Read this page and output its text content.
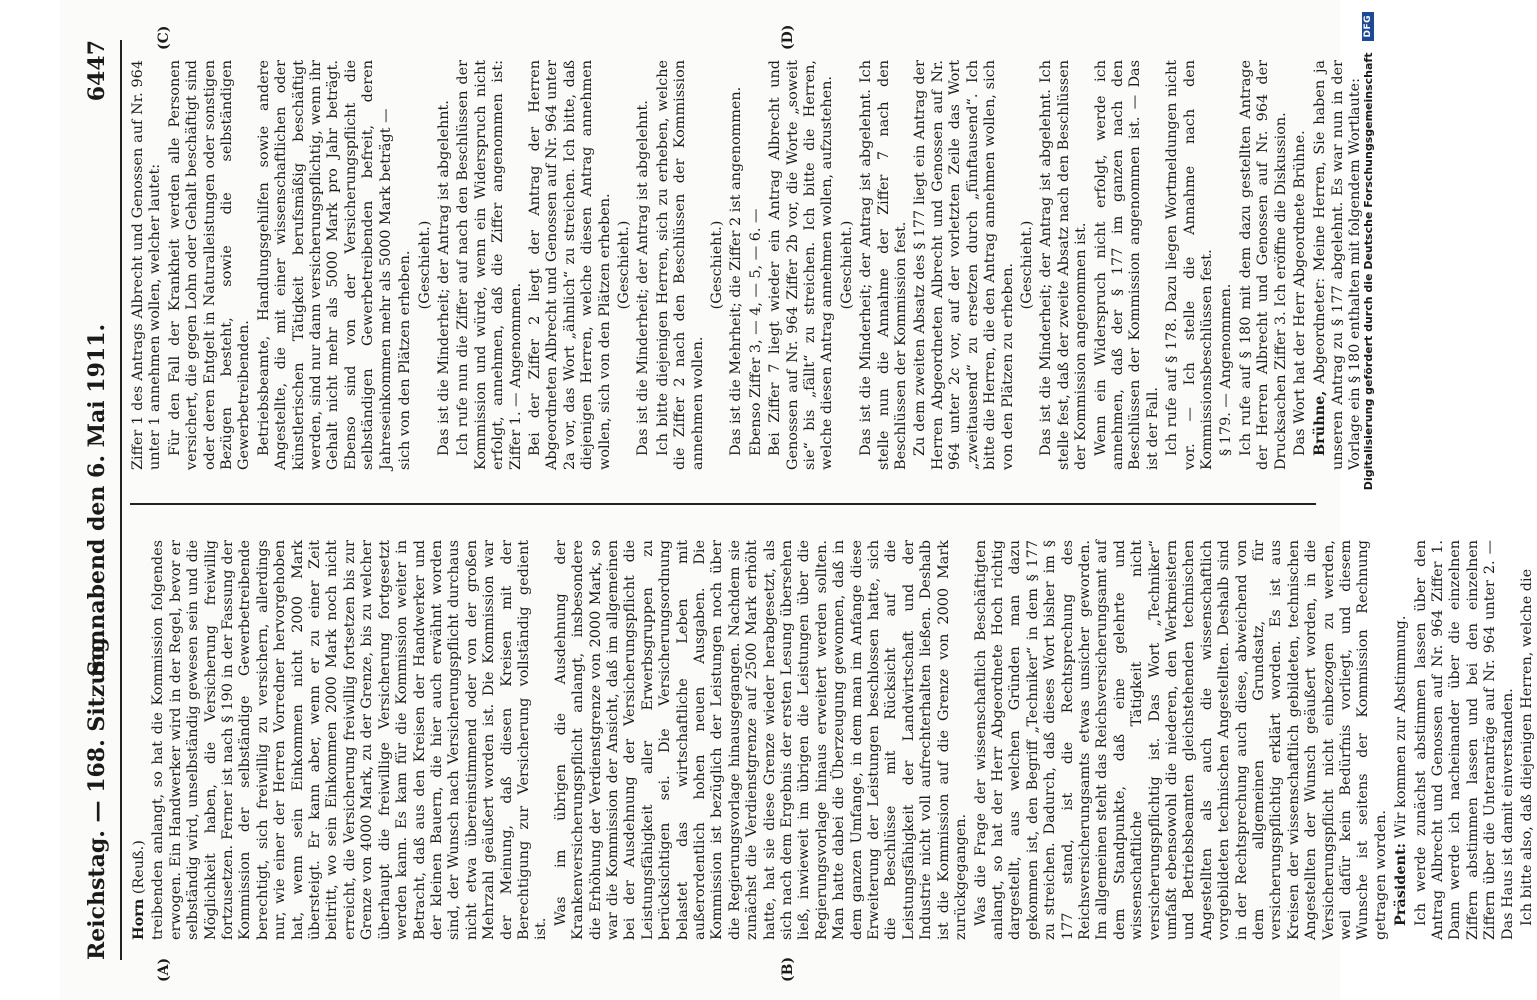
Reichstag. — 168. Sitzung.
Sonnabend den 6. Mai 1911.
6447
(A)	(B)
(C)	(D)

Horn (Reuß.) treibenden anlangt, so hat die Kommission folgendes erwogen. Ein Handwerker wird in der Regel, bevor er selbständig wird, unselbständig gewesen sein und die Möglichkeit haben, die Versicherung freiwillig fortzusetzen. Ferner ist nach § 190 in der Fassung der Kommission der selbständige Gewerbetreibende berechtigt, sich freiwillig zu versichern, allerdings nur, wie einer der Herren Vorredner hervorgehoben hat, wenn sein Einkommen nicht 2000 Mark übersteigt. Er kann aber, wenn er zu einer Zeit beitritt, wo sein Einkommen 2000 Mark noch nicht erreicht, die Versicherung freiwillig fortsetzen bis zur Grenze von 4000 Mark, zu der Grenze, bis zu welcher überhaupt die freiwillige Versicherung fortgesetzt werden kann. Es kam für die Kommission weiter in Betracht, daß aus den Kreisen der Handwerker und der kleinen Bauern, die hier auch erwähnt worden sind, der Wunsch nach Versicherungspflicht durchaus nicht etwa übereinstimmend oder von der großen Mehrzahl geäußert worden ist. Die Kommission war der Meinung, daß diesen Kreisen mit der Berechtigung zur Versicherung vollständig gedient ist.

Was im übrigen die Ausdehnung der Krankenversicherungspflicht anlangt, insbesondere die Erhöhung der Verdienstgrenze von 2000 Mark, so war die Kommission der Ansicht, daß im allgemeinen bei der Ausdehnung der Versicherungspflicht die Leistungsfähigkeit aller Erwerbsgruppen zu berücksichtigen sei. Die Versicherungsordnung belastet das wirtschaftliche Leben mit außerordentlich hohen neuen Ausgaben. Die Kommission ist bezüglich der Leistungen noch über die Regierungsvorlage hinausgegangen. Nachdem sie zunächst die Verdienstgrenze auf 2500 Mark erhöht hatte, hat sie diese Grenze wieder herabgesetzt, als sich nach dem Ergebnis der ersten Lesung übersehen ließ, inwieweit im übrigen die Leistungen über die Regierungsvorlage hinaus erweitert werden sollten. Man hatte dabei die Überzeugung gewonnen, daß in dem ganzen Umfange, in dem man im Anfange diese Erweiterung der Leistungen beschlossen hatte, sich die Beschlüsse mit Rücksicht auf die Leistungsfähigkeit der Landwirtschaft und der Industrie nicht voll aufrechterhalten ließen. Deshalb ist die Kommission auf die Grenze von 2000 Mark zurückgegangen. Was die Frage der wissenschaftlich Beschäftigten anlangt, so hat der Herr Abgeordnete Hoch richtig dargestellt, aus welchen Gründen man dazu gekommen ist, den Begriff „Techniker“ in dem § 177 zu streichen. Dadurch, daß dieses Wort bisher im § 177 stand, ist die Rechtsprechung des Reichsversicherungsamts etwas unsicher geworden. Im allgemeinen steht das Reichsversicherungsamt auf dem Standpunkte, daß eine gelehrte und wissenschaftliche Tätigkeit nicht versicherungspflichtig ist. Das Wort „Techniker“ umfaßt ebensowohl die niederen, den Werkmeistern und Betriebsbeamten gleichstehenden technischen Angestellten als auch die wissenschaftlich vorgebildeten technischen Angestellten. Deshalb sind in der Rechtsprechung auch diese, abweichend von dem allgemeinen Grundsatz, für versicherungspflichtig erklärt worden. Es ist aus Kreisen der wissenschaftlich gebildeten, technischen Angestellten der Wunsch geäußert worden, in die Versicherungspflicht nicht einbezogen zu werden, weil dafür kein Bedürfnis vorliegt, und diesem Wunsche ist seitens der Kommission Rechnung getragen worden. Präsident: Wir kommen zur Abstimmung. Ich werde zunächst abstimmen lassen über den Antrag Albrecht und Genossen auf Nr. 964 Ziffer 1. Dann werde ich nacheinander über die einzelnen Ziffern abstimmen lassen und bei den einzelnen Ziffern über die Unteranträge auf Nr. 964 unter 2. — Das Haus ist damit einverstanden. Ich bitte also, daß diejenigen Herren, welche die

Ziffer 1 des Antrags Albrecht und Genossen auf Nr. 964 unter 1 annehmen wollen, welcher lautet: Für den Fall der Krankheit werden alle Personen versichert, die gegen Lohn oder Gehalt beschäftigt sind oder deren Entgelt in Naturalleistungen oder sonstigen Bezügen besteht, sowie die selbständigen Gewerbetreibenden. Betriebsbeamte, Handlungsgehilfen sowie andere Angestellte, die mit einer wissenschaftlichen oder künstlerischen Tätigkeit berufsmäßig beschäftigt werden, sind nur dann versicherungspflichtig, wenn ihr Gehalt nicht mehr als 5000 Mark pro Jahr beträgt. Ebenso sind von der Versicherungspflicht die selbständigen Gewerbetreibenden befreit, deren Jahreseinkommen mehr als 5000 Mark beträgt — sich von den Plätzen erheben. (Geschieht.) Das ist die Minderheit; der Antrag ist abgelehnt. Ich rufe nun die Ziffer auf nach den Beschlüssen der Kommission und würde, wenn ein Widerspruch nicht erfolgt, annehmen, daß die Ziffer angenommen ist: Ziffer 1. — Angenommen. Bei der Ziffer 2 liegt der Antrag der Herren Abgeordneten Albrecht und Genossen auf Nr. 964 unter 2a vor, das Wort „ähnlich“ zu streichen. Ich bitte, daß diejenigen Herren, welche diesen Antrag annehmen wollen, sich von den Plätzen erheben. (Geschieht.) Das ist die Minderheit; der Antrag ist abgelehnt. Ich bitte diejenigen Herren, sich zu erheben, welche die Ziffer 2 nach den Beschlüssen der Kommission annehmen wollen.

(Geschieht.) Das ist die Mehrheit; die Ziffer 2 ist angenommen. Ebenso Ziffer 3, — 4, — 5, — 6. — Bei Ziffer 7 liegt wieder ein Antrag Albrecht und Genossen auf Nr. 964 Ziffer 2b vor, die Worte „soweit sie“ bis „fällt“ zu streichen. Ich bitte die Herren, welche diesen Antrag annehmen wollen, aufzustehen. (Geschieht.) Das ist die Minderheit; der Antrag ist abgelehnt. Ich stelle nun die Annahme der Ziffer 7 nach den Beschlüssen der Kommission fest. Zu dem zweiten Absatz des § 177 liegt ein Antrag der Herren Abgeordneten Albrecht und Genossen auf Nr. 964 unter 2c vor, auf der vorletzten Zeile das Wort „zweitausend“ zu ersetzen durch „fünftausend“. Ich bitte die Herren, die den Antrag annehmen wollen, sich von den Plätzen zu erheben. (Geschieht.) Das ist die Minderheit; der Antrag ist abgelehnt. Ich stelle fest, daß der zweite Absatz nach den Beschlüssen der Kommission angenommen ist. Wenn ein Widerspruch nicht erfolgt, werde ich annehmen, daß der § 177 im ganzen nach den Beschlüssen der Kommission angenommen ist. — Das ist der Fall. Ich rufe auf § 178. Dazu liegen Wortmeldungen nicht vor. — Ich stelle die Annahme nach den Kommissionsbeschlüssen fest. § 179. — Angenommen. Ich rufe auf § 180 mit dem dazu gestellten Antrage der Herren Albrecht und Genossen auf Nr. 964 der Drucksachen Ziffer 3. Ich eröffne die Diskussion. Das Wort hat der Herr Abgeordnete Brühne. Brühne, Abgeordneter: Meine Herren, Sie haben ja unseren Antrag zu § 177 abgelehnt. Es war nun in der Vorlage ein § 180 enthalten mit folgendem Wortlaute:

Digitalisierung gefördert durch die Deutsche Forschungsgemeinschaft
DFG
